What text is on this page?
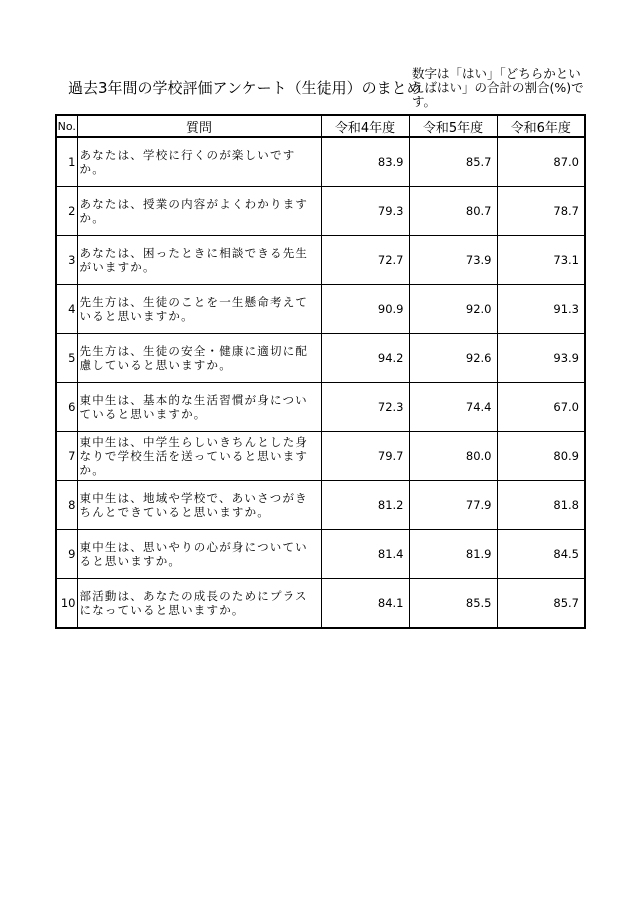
過去3年間の学校評価アンケート（生徒用）のまとめ
数字は「はい」「どちらかといえばはい」の合計の割合(%)です。
No.	質問	令和4年度	令和5年度	令和6年度
1	あなたは、学校に行くのが楽しいですか。	83.9	85.7	87.0
2	あなたは、授業の内容がよくわかりますか。	79.3	80.7	78.7
3	あなたは、困ったときに相談できる先生がいますか。	72.7	73.9	73.1
4	先生方は、生徒のことを一生懸命考えていると思いますか。	90.9	92.0	91.3
5	先生方は、生徒の安全・健康に適切に配慮していると思いますか。	94.2	92.6	93.9
6	東中生は、基本的な生活習慣が身についていると思いますか。	72.3	74.4	67.0
7	東中生は、中学生らしいきちんとした身なりで学校生活を送っていると思いますか。	79.7	80.0	80.9
8	東中生は、地域や学校で、あいさつがきちんとできていると思いますか。	81.2	77.9	81.8
9	東中生は、思いやりの心が身についていると思いますか。	81.4	81.9	84.5
10	部活動は、あなたの成長のためにプラスになっていると思いますか。	84.1	85.5	85.7
